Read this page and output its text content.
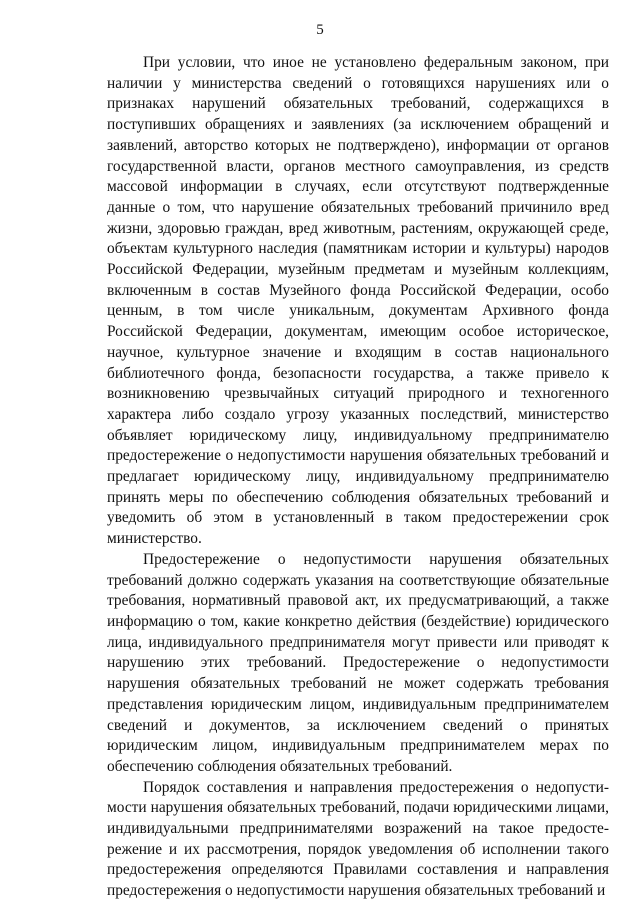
5

При условии, что иное не установлено федеральным законом, при наличии у министерства сведений о готовящихся нарушениях или о признаках нарушений обязательных требований, содержащихся в поступивших обращениях и заявлениях (за исключением обращений и заявлений, авторство которых не подтверждено), информации от органов государственной власти, органов местного самоуправления, из средств массовой информации в случаях, если отсутствуют подтвержденные данные о том, что нарушение обязательных требований причинило вред жизни, здоровью граждан, вред животным, растениям, окружающей среде, объектам культурного наследия (памятникам истории и культуры) народов Российской Федерации, музейным предметам и музейным коллекциям, включенным в состав Музейного фонда Российской Федерации, особо ценным, в том числе уникальным, документам Архивного фонда Российской Федерации, документам, имеющим особое историческое, научное, культурное значение и входящим в состав национального библиотечного фонда, безопасности государства, а также привело к возникновению чрезвычайных ситуаций природного и техногенного характера либо создало угрозу указанных последствий, министерство объявляет юридическому лицу, индивидуальному предпринимателю предостережение о недопустимости нарушения обязательных требований и предлагает юридическому лицу, индивидуальному предпринимателю принять меры по обеспечению соблюдения обязательных требований и уведомить об этом в установленный в таком предостережении срок министерство.

Предостережение о недопустимости нарушения обязательных требований должно содержать указания на соответствующие обязательные требования, нормативный правовой акт, их предусматривающий, а также информацию о том, какие конкретно действия (бездействие) юридического лица, индивидуального предпринимателя могут привести или приводят к нарушению этих требований. Предостережение о недопустимости нарушения обязательных требований не может содержать требования представления юридическим лицом, индивидуальным предпринимателем сведений и документов, за исключением сведений о принятых юридическим лицом, индивидуальным предпринимателем мерах по обеспечению соблюдения обязательных требований.

Порядок составления и направления предостережения о недопустимости нарушения обязательных требований, подачи юридическими лицами, индивидуальными предпринимателями возражений на такое предостережение и их рассмотрения, порядок уведомления об исполнении такого предостережения определяются Правилами составления и направления предостережения о недопустимости нарушения обязательных требований и
